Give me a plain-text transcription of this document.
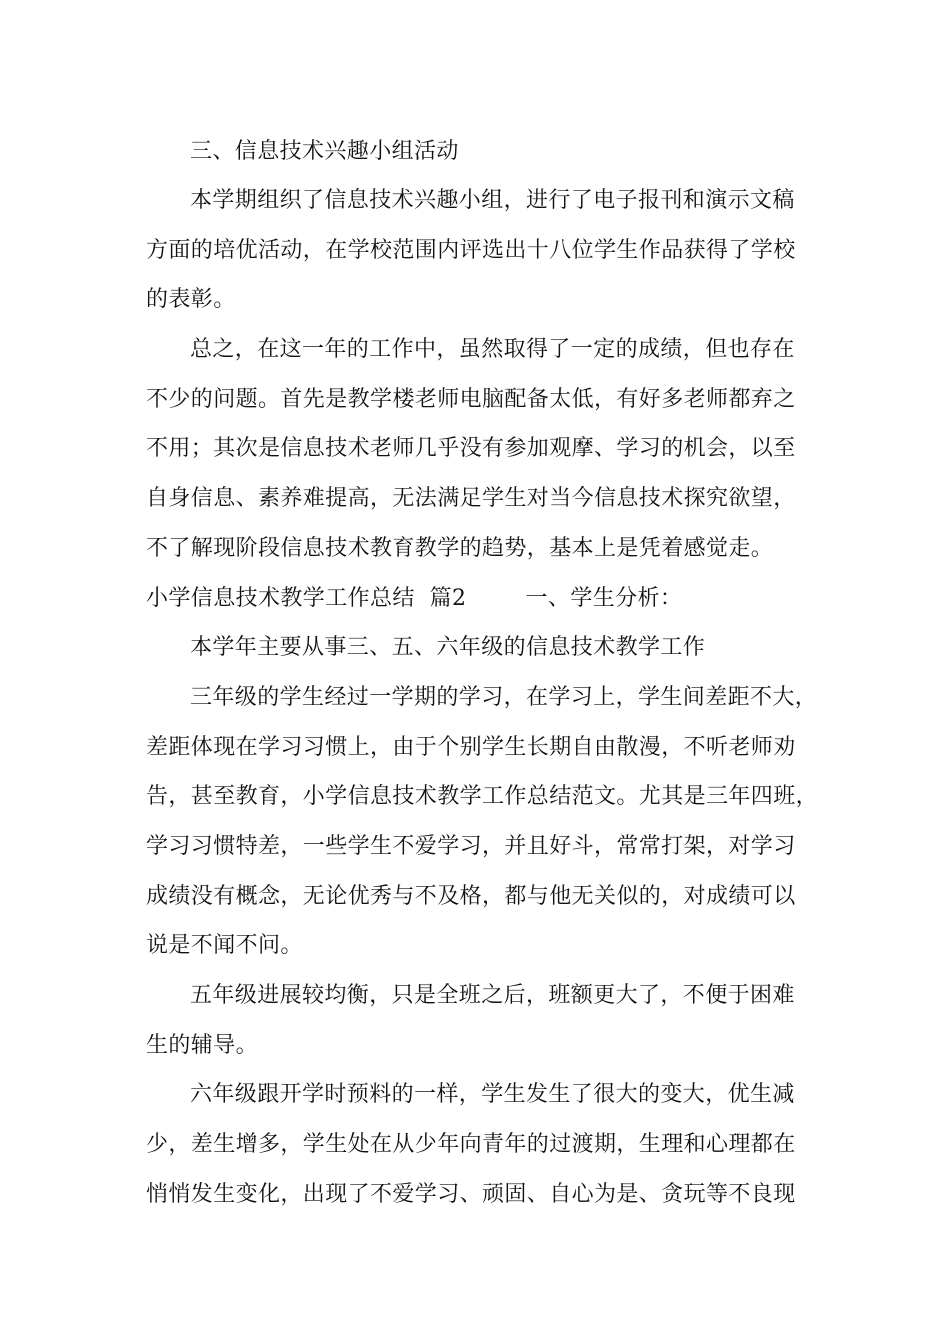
三、信息技术兴趣小组活动
本学期组织了信息技术兴趣小组，进行了电子报刊和演示文稿
方面的培优活动，在学校范围内评选出十八位学生作品获得了学校
的表彰。
总之，在这一年的工作中，虽然取得了一定的成绩，但也存在
不少的问题。首先是教学楼老师电脑配备太低，有好多老师都弃之
不用；其次是信息技术老师几乎没有参加观摩、学习的机会，以至
自身信息、素养难提高，无法满足学生对当今信息技术探究欲望，
不了解现阶段信息技术教育教学的趋势，基本上是凭着感觉走。
小学信息技术教学工作总结  篇2        一、学生分析：
本学年主要从事三、五、六年级的信息技术教学工作
三年级的学生经过一学期的学习，在学习上，学生间差距不大，
差距体现在学习习惯上，由于个别学生长期自由散漫，不听老师劝
告，甚至教育，小学信息技术教学工作总结范文。尤其是三年四班，
学习习惯特差，一些学生不爱学习，并且好斗，常常打架，对学习
成绩没有概念，无论优秀与不及格，都与他无关似的，对成绩可以
说是不闻不问。
五年级进展较均衡，只是全班之后，班额更大了，不便于困难
生的辅导。
六年级跟开学时预料的一样，学生发生了很大的变大，优生减
少，差生增多，学生处在从少年向青年的过渡期，生理和心理都在
悄悄发生变化，出现了不爱学习、顽固、自心为是、贪玩等不良现
